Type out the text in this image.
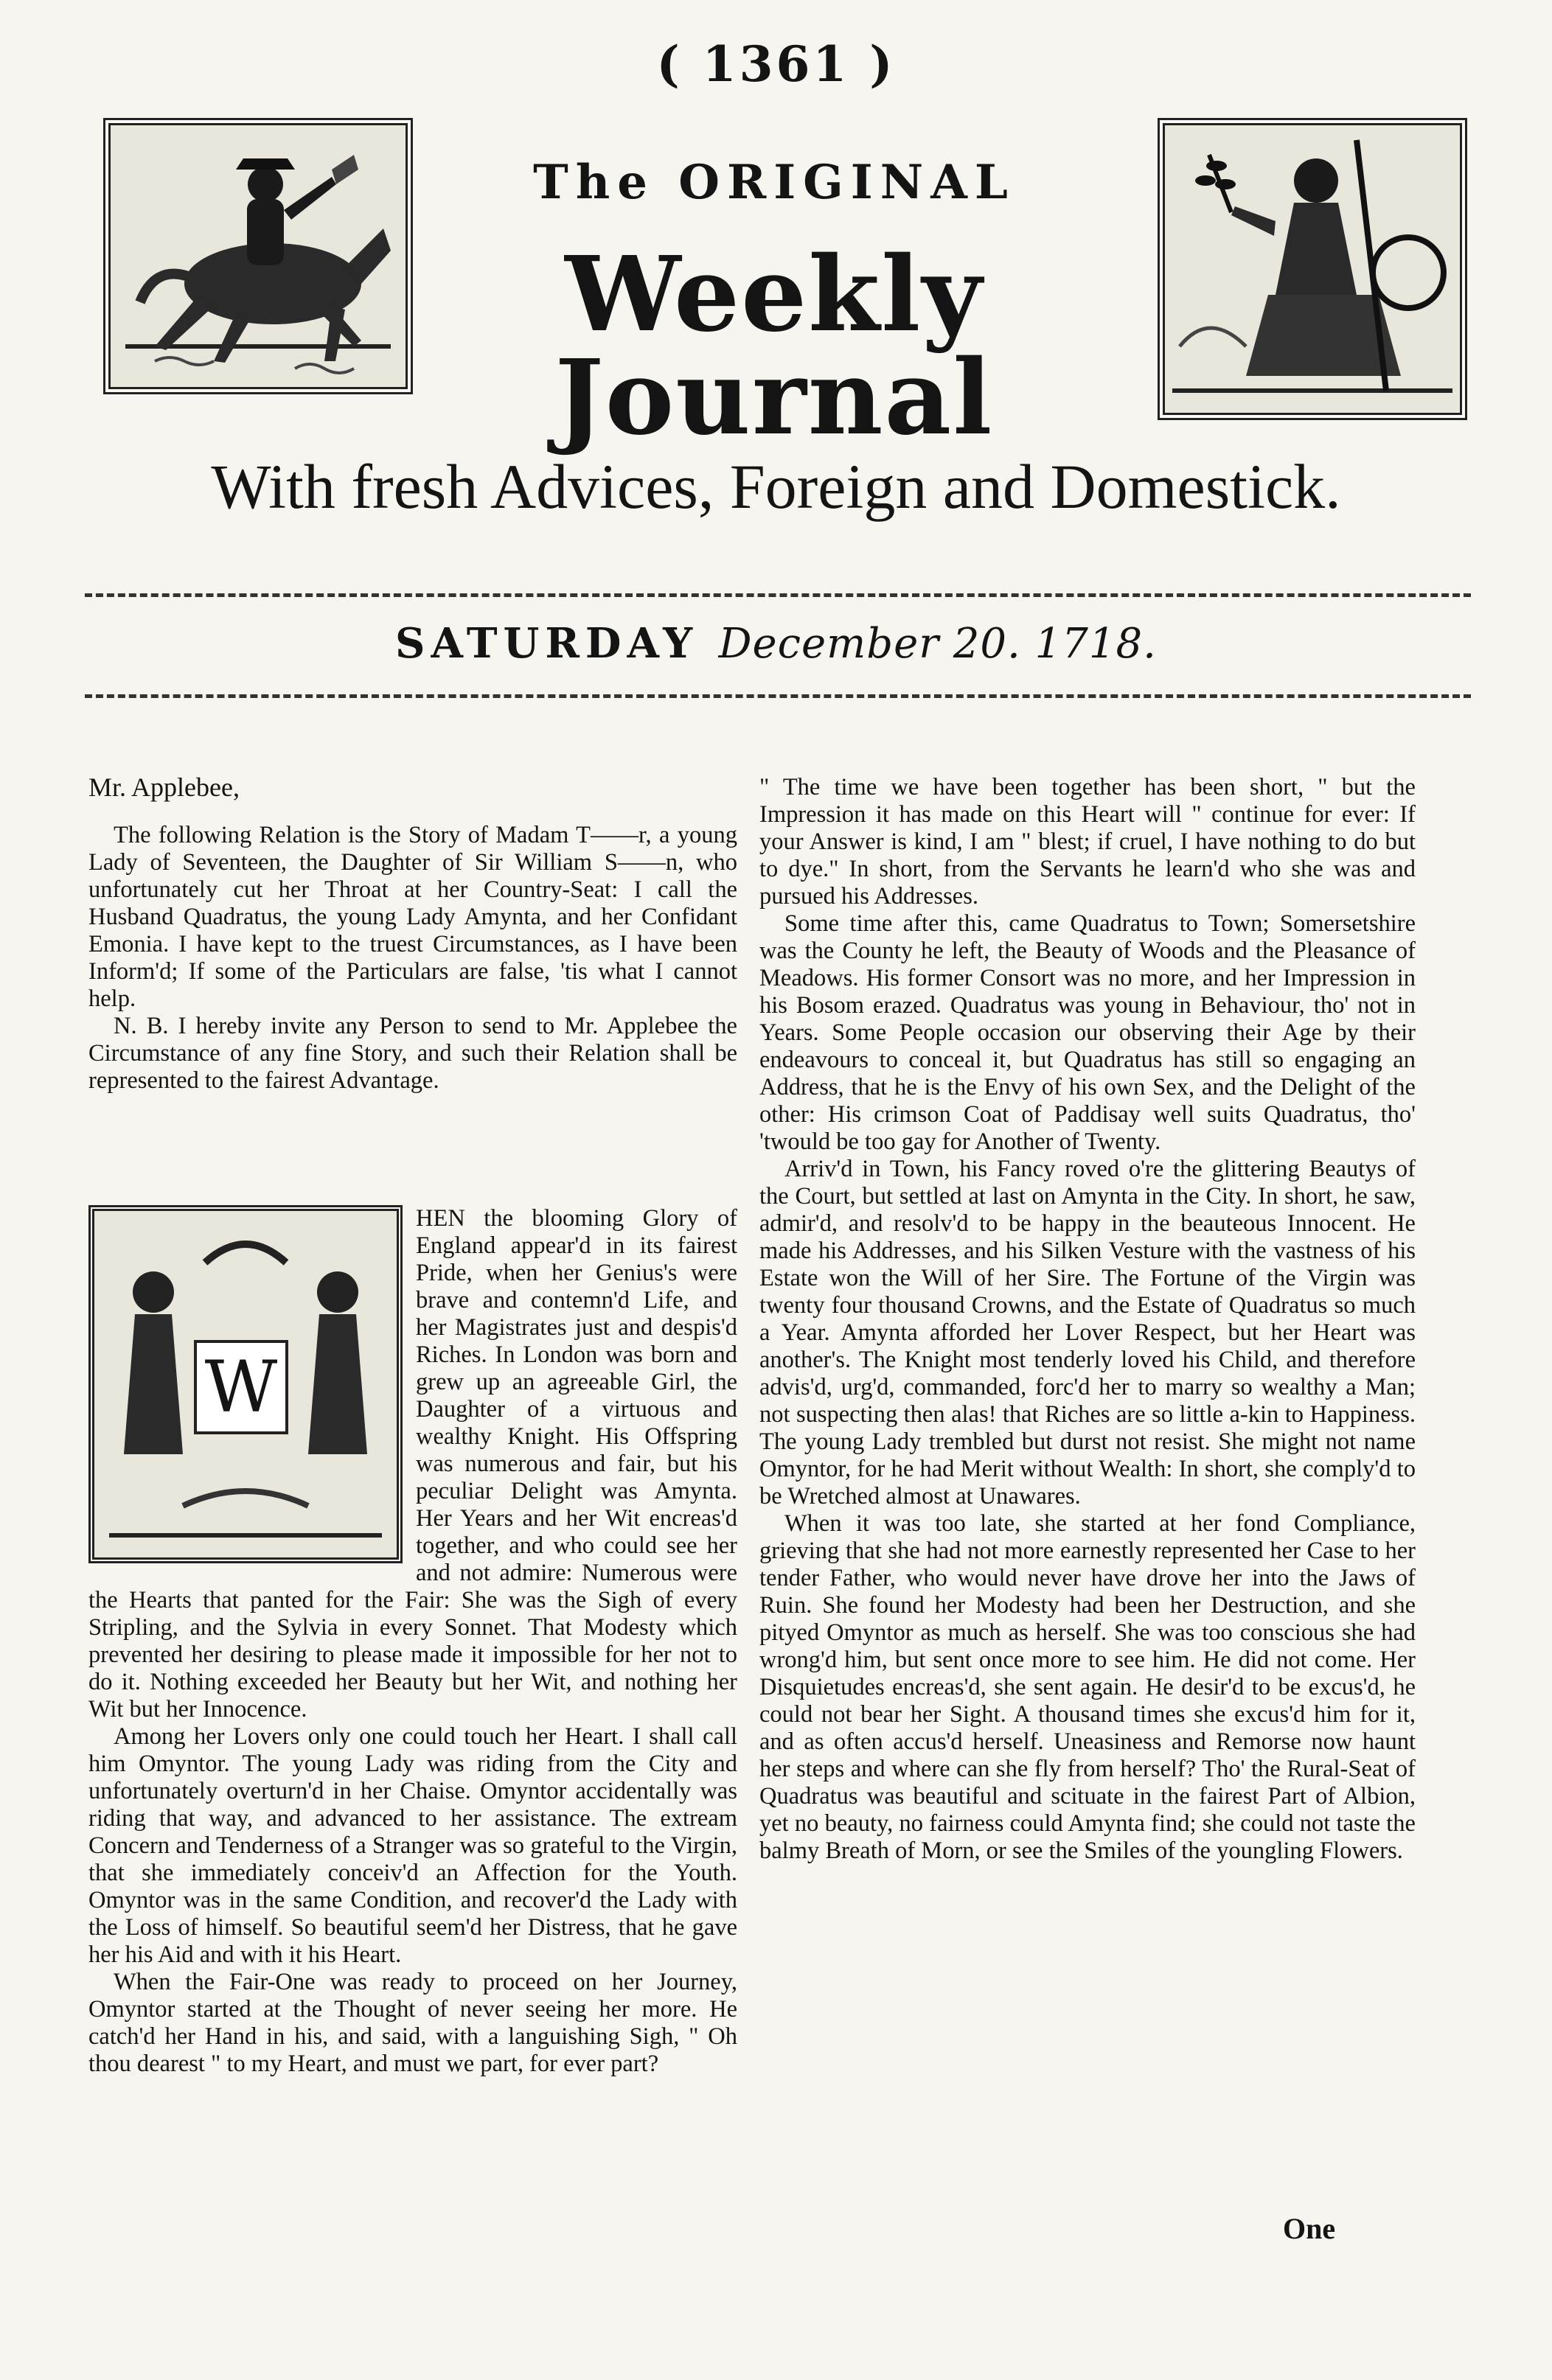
( 1361 )
The ORIGINAL
Weekly Journal
With fresh Advices, Foreign and Domestick.
SATURDAY December 20. 1718.

Mr. Applebee,

The following Relation is the Story of Madam T——r, a young Lady of Seventeen, the Daughter of Sir William S——n, who unfortunately cut her Throat at her Country-Seat: I call the Husband Quadratus, the young Lady Amynta, and her Confidant Emonia. I have kept to the truest Circumstances, as I have been Inform'd; If some of the Particulars are false, 'tis what I cannot help.

N. B. I hereby invite any Person to send to Mr. Applebee the Circumstance of any fine Story, and such their Relation shall be represented to the fairest Advantage.

W

HEN the blooming Glory of England appear'd in its fairest Pride, when her Genius's were brave and contemn'd Life, and her Magistrates just and despis'd Riches. In London was born and grew up an agreeable Girl, the Daughter of a virtuous and wealthy Knight. His Offspring was numerous and fair, but his peculiar Delight was Amynta. Her Years and her Wit encreas'd together, and who could see her and not admire: Numerous were the Hearts that panted for the Fair: She was the Sigh of every Stripling, and the Sylvia in every Sonnet. That Modesty which prevented her desiring to please made it impossible for her not to do it. Nothing exceeded her Beauty but her Wit, and nothing her Wit but her Innocence.

Among her Lovers only one could touch her Heart. I shall call him Omyntor. The young Lady was riding from the City and unfortunately overturn'd in her Chaise. Omyntor accidentally was riding that way, and advanced to her assistance. The extream Concern and Tenderness of a Stranger was so grateful to the Virgin, that she immediately conceiv'd an Affection for the Youth. Omyntor was in the same Condition, and recover'd the Lady with the Loss of himself. So beautiful seem'd her Distress, that he gave her his Aid and with it his Heart.

When the Fair-One was ready to proceed on her Journey, Omyntor started at the Thought of never seeing her more. He catch'd her Hand in his, and said, with a languishing Sigh, " Oh thou dearest " to my Heart, and must we part, for ever part?

" The time we have been together has been short, " but the Impression it has made on this Heart will " continue for ever: If your Answer is kind, I am " blest; if cruel, I have nothing to do but to dye." In short, from the Servants he learn'd who she was and pursued his Addresses.

Some time after this, came Quadratus to Town; Somersetshire was the County he left, the Beauty of Woods and the Pleasance of Meadows. His former Consort was no more, and her Impression in his Bosom erazed. Quadratus was young in Behaviour, tho' not in Years. Some People occasion our observing their Age by their endeavours to conceal it, but Quadratus has still so engaging an Address, that he is the Envy of his own Sex, and the Delight of the other: His crimson Coat of Paddisay well suits Quadratus, tho' 'twould be too gay for Another of Twenty.

Arriv'd in Town, his Fancy roved o're the glittering Beautys of the Court, but settled at last on Amynta in the City. In short, he saw, admir'd, and resolv'd to be happy in the beauteous Innocent. He made his Addresses, and his Silken Vesture with the vastness of his Estate won the Will of her Sire. The Fortune of the Virgin was twenty four thousand Crowns, and the Estate of Quadratus so much a Year. Amynta afforded her Lover Respect, but her Heart was another's. The Knight most tenderly loved his Child, and therefore advis'd, urg'd, commanded, forc'd her to marry so wealthy a Man; not suspecting then alas! that Riches are so little a-kin to Happiness. The young Lady trembled but durst not resist. She might not name Omyntor, for he had Merit without Wealth: In short, she comply'd to be Wretched almost at Unawares.

When it was too late, she started at her fond Compliance, grieving that she had not more earnestly represented her Case to her tender Father, who would never have drove her into the Jaws of Ruin. She found her Modesty had been her Destruction, and she pityed Omyntor as much as herself. She was too conscious she had wrong'd him, but sent once more to see him. He did not come. Her Disquietudes encreas'd, she sent again. He desir'd to be excus'd, he could not bear her Sight. A thousand times she excus'd him for it, and as often accus'd herself. Uneasiness and Remorse now haunt her steps and where can she fly from herself? Tho' the Rural-Seat of Quadratus was beautiful and scituate in the fairest Part of Albion, yet no beauty, no fairness could Amynta find; she could not taste the balmy Breath of Morn, or see the Smiles of the youngling Flowers.

One
